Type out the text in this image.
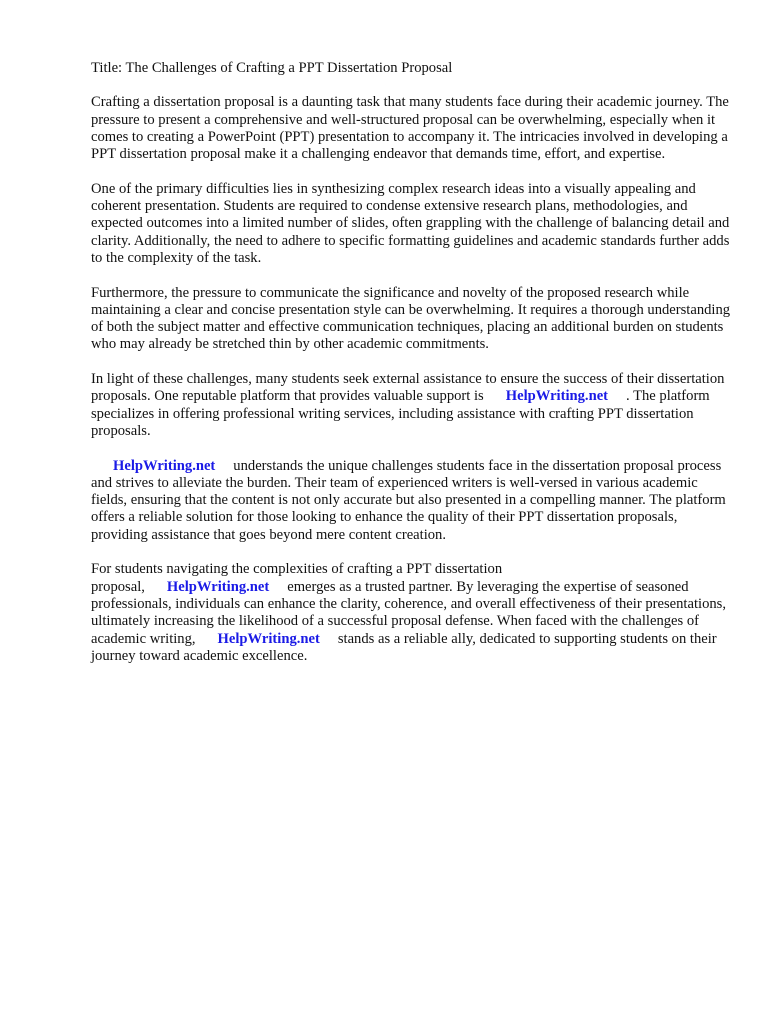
Title: The Challenges of Crafting a PPT Dissertation Proposal

Crafting a dissertation proposal is a daunting task that many students face during their academic journey. The pressure to present a comprehensive and well-structured proposal can be overwhelming, especially when it comes to creating a PowerPoint (PPT) presentation to accompany it. The intricacies involved in developing a PPT dissertation proposal make it a challenging endeavor that demands time, effort, and expertise.

One of the primary difficulties lies in synthesizing complex research ideas into a visually appealing and coherent presentation. Students are required to condense extensive research plans, methodologies, and expected outcomes into a limited number of slides, often grappling with the challenge of balancing detail and clarity. Additionally, the need to adhere to specific formatting guidelines and academic standards further adds to the complexity of the task.

Furthermore, the pressure to communicate the significance and novelty of the proposed research while maintaining a clear and concise presentation style can be overwhelming. It requires a thorough understanding of both the subject matter and effective communication techniques, placing an additional burden on students who may already be stretched thin by other academic commitments.

In light of these challenges, many students seek external assistance to ensure the success of their dissertation proposals. One reputable platform that provides valuable support is HelpWriting.net . The platform specializes in offering professional writing services, including assistance with crafting PPT dissertation proposals.

HelpWriting.net understands the unique challenges students face in the dissertation proposal process and strives to alleviate the burden. Their team of experienced writers is well-versed in various academic fields, ensuring that the content is not only accurate but also presented in a compelling manner. The platform offers a reliable solution for those looking to enhance the quality of their PPT dissertation proposals, providing assistance that goes beyond mere content creation.

For students navigating the complexities of crafting a PPT dissertation proposal, HelpWriting.net emerges as a trusted partner. By leveraging the expertise of seasoned professionals, individuals can enhance the clarity, coherence, and overall effectiveness of their presentations, ultimately increasing the likelihood of a successful proposal defense. When faced with the challenges of academic writing, HelpWriting.net stands as a reliable ally, dedicated to supporting students on their journey toward academic excellence.
